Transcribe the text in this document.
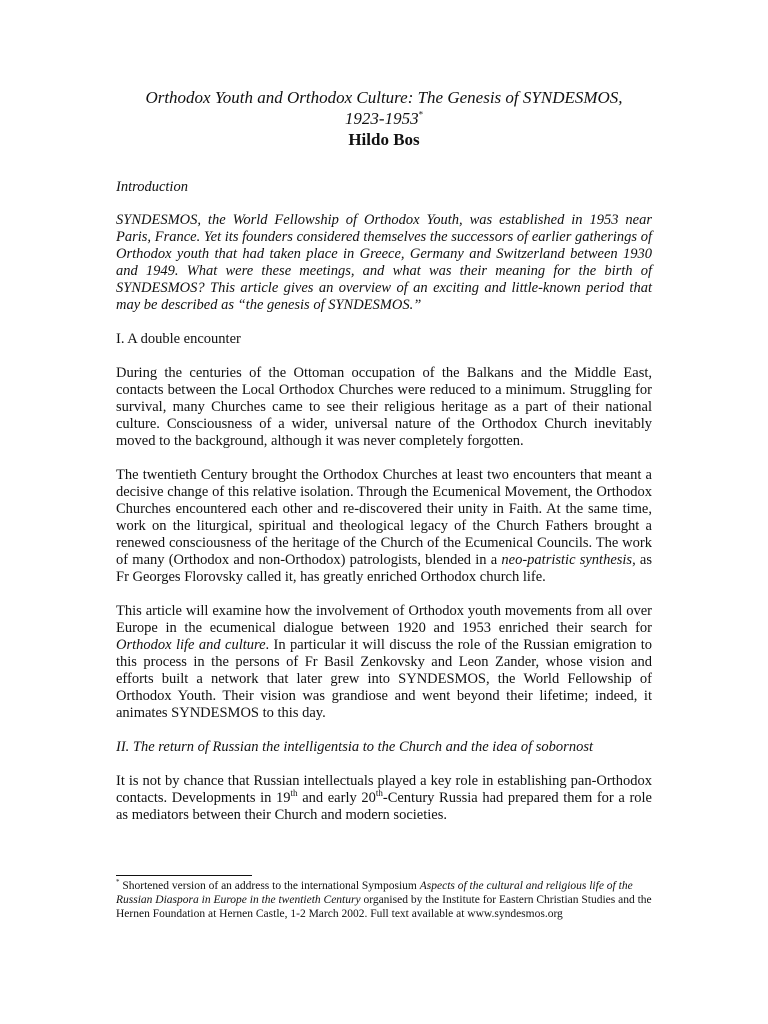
Orthodox Youth and Orthodox Culture: The Genesis of SYNDESMOS,
1923-1953*

Hildo Bos

Introduction

SYNDESMOS, the World Fellowship of Orthodox Youth, was established in 1953 near Paris, France. Yet its founders considered themselves the successors of earlier gatherings of Orthodox youth that had taken place in Greece, Germany and Switzerland between 1930 and 1949. What were these meetings, and what was their meaning for the birth of SYNDESMOS? This article gives an overview of an exciting and little-known period that may be described as “the genesis of SYNDESMOS.”

I. A double encounter

During the centuries of the Ottoman occupation of the Balkans and the Middle East, contacts between the Local Orthodox Churches were reduced to a minimum. Struggling for survival, many Churches came to see their religious heritage as a part of their national culture. Consciousness of a wider, universal nature of the Orthodox Church inevitably moved to the background, although it was never completely forgotten.

The twentieth Century brought the Orthodox Churches at least two encounters that meant a decisive change of this relative isolation. Through the Ecumenical Movement, the Orthodox Churches encountered each other and re-discovered their unity in Faith. At the same time, work on the liturgical, spiritual and theological legacy of the Church Fathers brought a renewed consciousness of the heritage of the Church of the Ecumenical Councils. The work of many (Orthodox and non-Orthodox) patrologists, blended in a neo-patristic synthesis, as Fr Georges Florovsky called it, has greatly enriched Orthodox church life.

This article will examine how the involvement of Orthodox youth movements from all over Europe in the ecumenical dialogue between 1920 and 1953 enriched their search for Orthodox life and culture. In particular it will discuss the role of the Russian emigration to this process in the persons of Fr Basil Zenkovsky and Leon Zander, whose vision and efforts built a network that later grew into SYNDESMOS, the World Fellowship of Orthodox Youth. Their vision was grandiose and went beyond their lifetime; indeed, it animates SYNDESMOS to this day.

II. The return of Russian the intelligentsia to the Church and the idea of sobornost

It is not by chance that Russian intellectuals played a key role in establishing pan-Orthodox contacts. Developments in 19th and early 20th-Century Russia had prepared them for a role as mediators between their Church and modern societies.

* Shortened version of an address to the international Symposium Aspects of the cultural and religious life of the Russian Diaspora in Europe in the twentieth Century organised by the Institute for Eastern Christian Studies and the Hernen Foundation at Hernen Castle, 1-2 March 2002. Full text available at www.syndesmos.org
